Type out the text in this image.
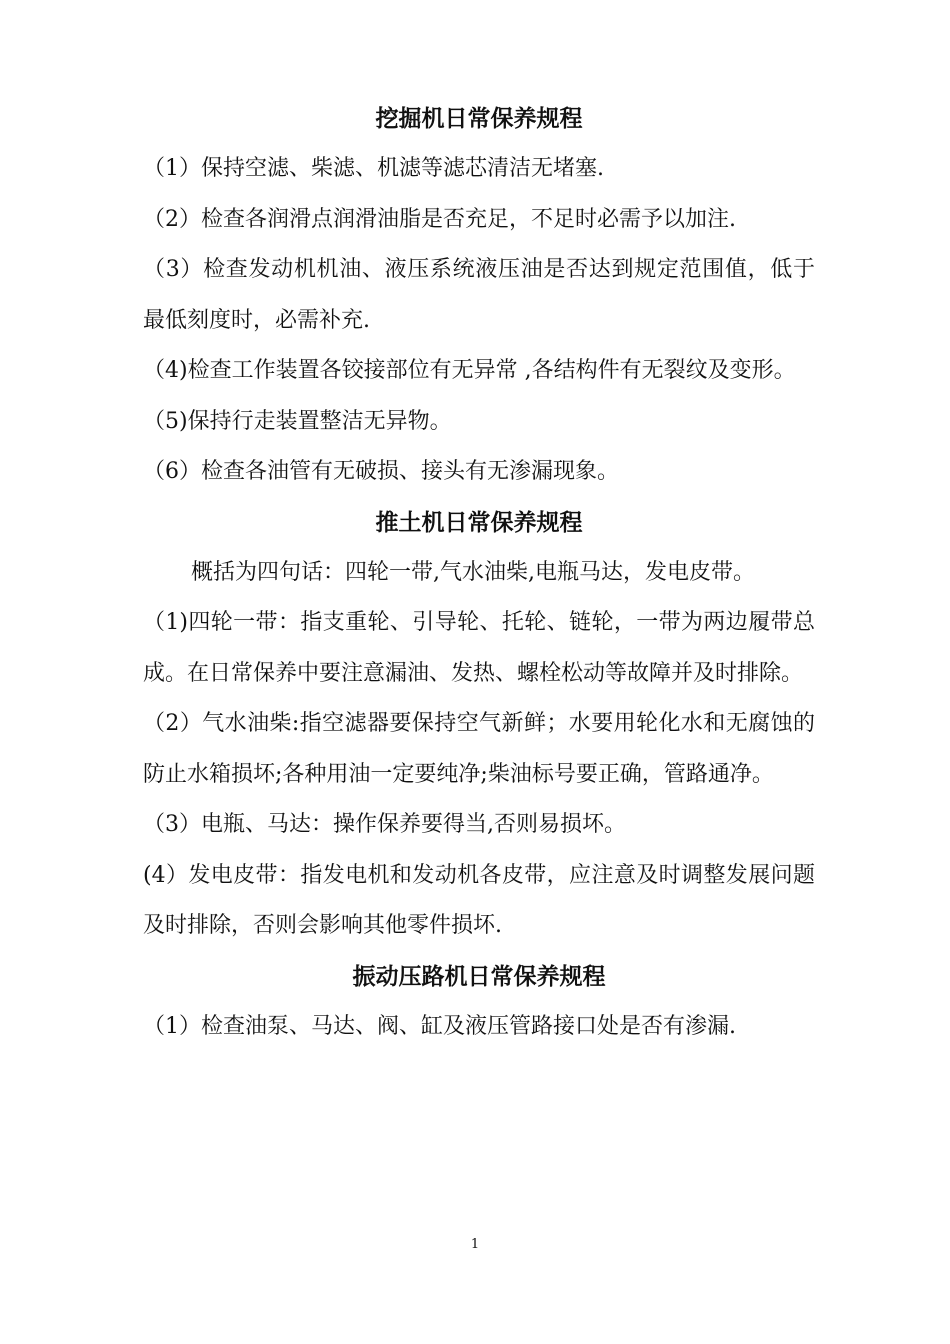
挖掘机日常保养规程

（1）保持空滤、柴滤、机滤等滤芯清洁无堵塞.

（2）检查各润滑点润滑油脂是否充足，不足时必需予以加注.

（3）检查发动机机油、液压系统液压油是否达到规定范围值，低于最低刻度时，必需补充.

（4)检查工作装置各铰接部位有无异常 ,各结构件有无裂纹及变形。

（5)保持行走装置整洁无异物。

（6）检查各油管有无破损、接头有无渗漏现象。

推土机日常保养规程

概括为四句话：四轮一带,气水油柴,电瓶马达，发电皮带。

（1)四轮一带：指支重轮、引导轮、托轮、链轮，一带为两边履带总成。在日常保养中要注意漏油、发热、螺栓松动等故障并及时排除。

（2）气水油柴:指空滤器要保持空气新鲜；水要用轮化水和无腐蚀的防止水箱损坏;各种用油一定要纯净;柴油标号要正确，管路通净。

（3）电瓶、马达：操作保养要得当,否则易损坏。

(4）发电皮带：指发电机和发动机各皮带，应注意及时调整发展问题及时排除，否则会影响其他零件损坏.

振动压路机日常保养规程

（1）检查油泵、马达、阀、缸及液压管路接口处是否有渗漏.

1
